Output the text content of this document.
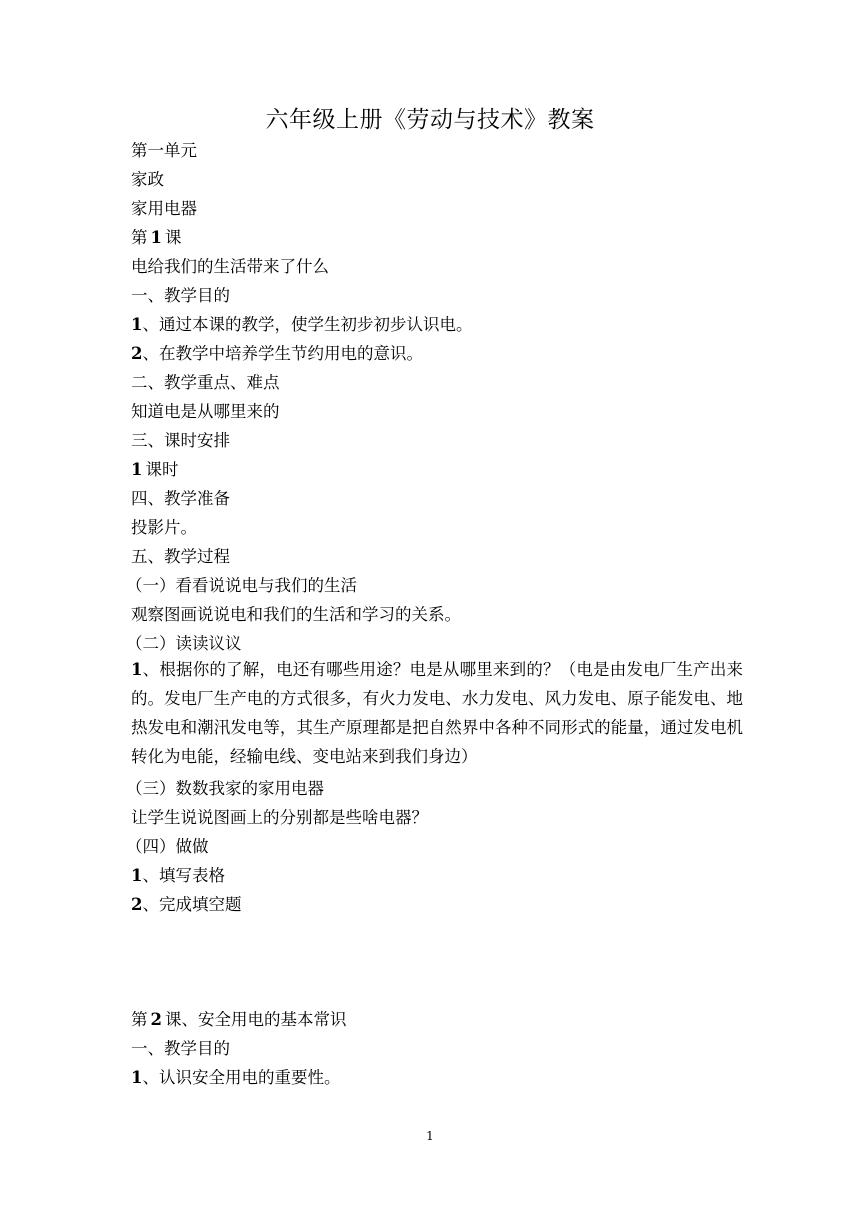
六年级上册《劳动与技术》教案
第一单元
家政
家用电器
第 1 课
电给我们的生活带来了什么
一、教学目的
1、通过本课的教学，使学生初步初步认识电。
2、在教学中培养学生节约用电的意识。
二、教学重点、难点
知道电是从哪里来的
三、课时安排
1 课时
四、教学准备
投影片。
五、教学过程
（一）看看说说电与我们的生活
观察图画说说电和我们的生活和学习的关系。
（二）读读议议
1、根据你的了解，电还有哪些用途？电是从哪里来到的？（电是由发电厂生产出来的。发电厂生产电的方式很多，有火力发电、水力发电、风力发电、原子能发电、地热发电和潮汛发电等，其生产原理都是把自然界中各种不同形式的能量，通过发电机转化为电能，经输电线、变电站来到我们身边）
（三）数数我家的家用电器
让学生说说图画上的分别都是些啥电器？
（四）做做
1、填写表格
2、完成填空题
第 2 课、安全用电的基本常识
一、教学目的
1、认识安全用电的重要性。
1
